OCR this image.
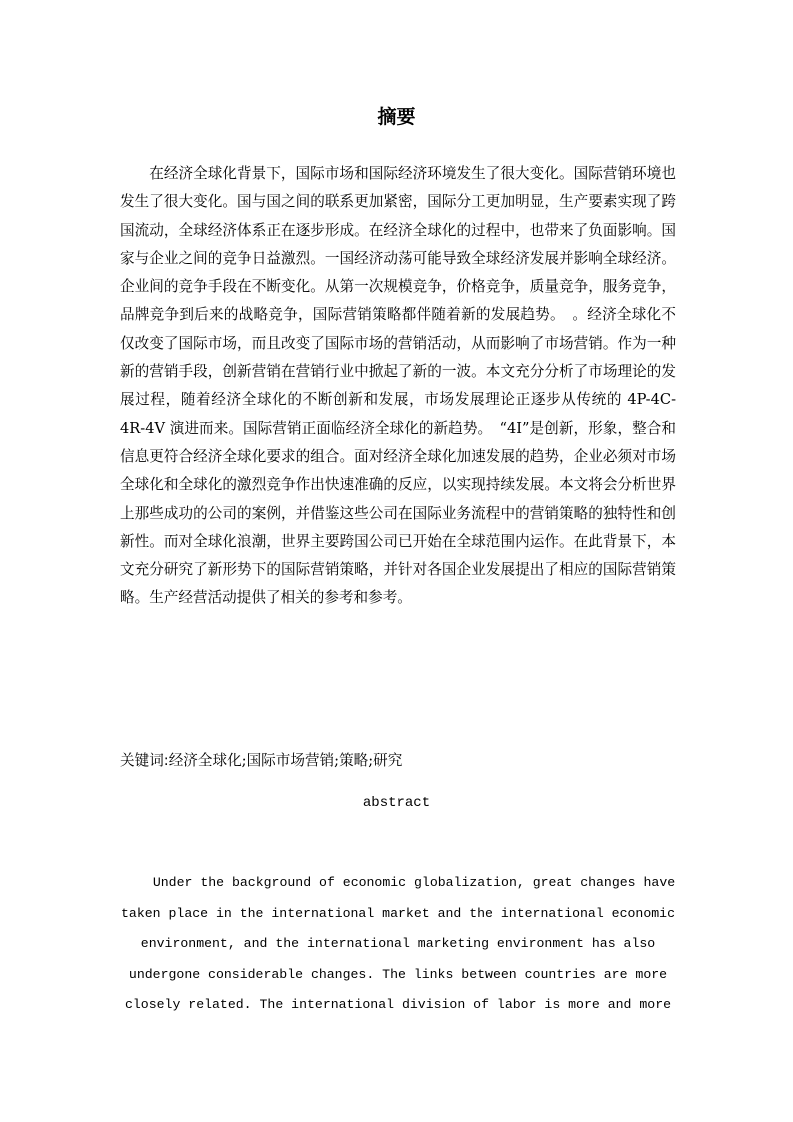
摘要

在经济全球化背景下，国际市场和国际经济环境发生了很大变化。国际营销环境也发生了很大变化。国与国之间的联系更加紧密，国际分工更加明显，生产要素实现了跨国流动，全球经济体系正在逐步形成。在经济全球化的过程中，也带来了负面影响。国家与企业之间的竞争日益激烈。一国经济动荡可能导致全球经济发展并影响全球经济。企业间的竞争手段在不断变化。从第一次规模竞争，价格竞争，质量竞争，服务竞争，品牌竞争到后来的战略竞争，国际营销策略都伴随着新的发展趋势。　。经济全球化不仅改变了国际市场，而且改变了国际市场的营销活动，从而影响了市场营销。作为一种新的营销手段，创新营销在营销行业中掀起了新的一波。本文充分分析了市场理论的发展过程，随着经济全球化的不断创新和发展，市场发展理论正逐步从传统的 4P-4C-4R-4V 演进而来。国际营销正面临经济全球化的新趋势。　“4I”是创新，形象，整合和信息更符合经济全球化要求的组合。面对经济全球化加速发展的趋势，企业必须对市场全球化和全球化的激烈竞争作出快速准确的反应，以实现持续发展。本文将会分析世界上那些成功的公司的案例，并借鉴这些公司在国际业务流程中的营销策略的独特性和创新性。而对全球化浪潮，世界主要跨国公司已开始在全球范围内运作。在此背景下，本文充分研究了新形势下的国际营销策略，并针对各国企业发展提出了相应的国际营销策略。生产经营活动提供了相关的参考和参考。

关键词:经济全球化;国际市场营销;策略;研究
abstract

Under the background of economic globalization, great changes have taken place in the international market and the international economic environment, and the international marketing environment has also undergone considerable changes. The links between countries are more closely related. The international division of labor is more and more
